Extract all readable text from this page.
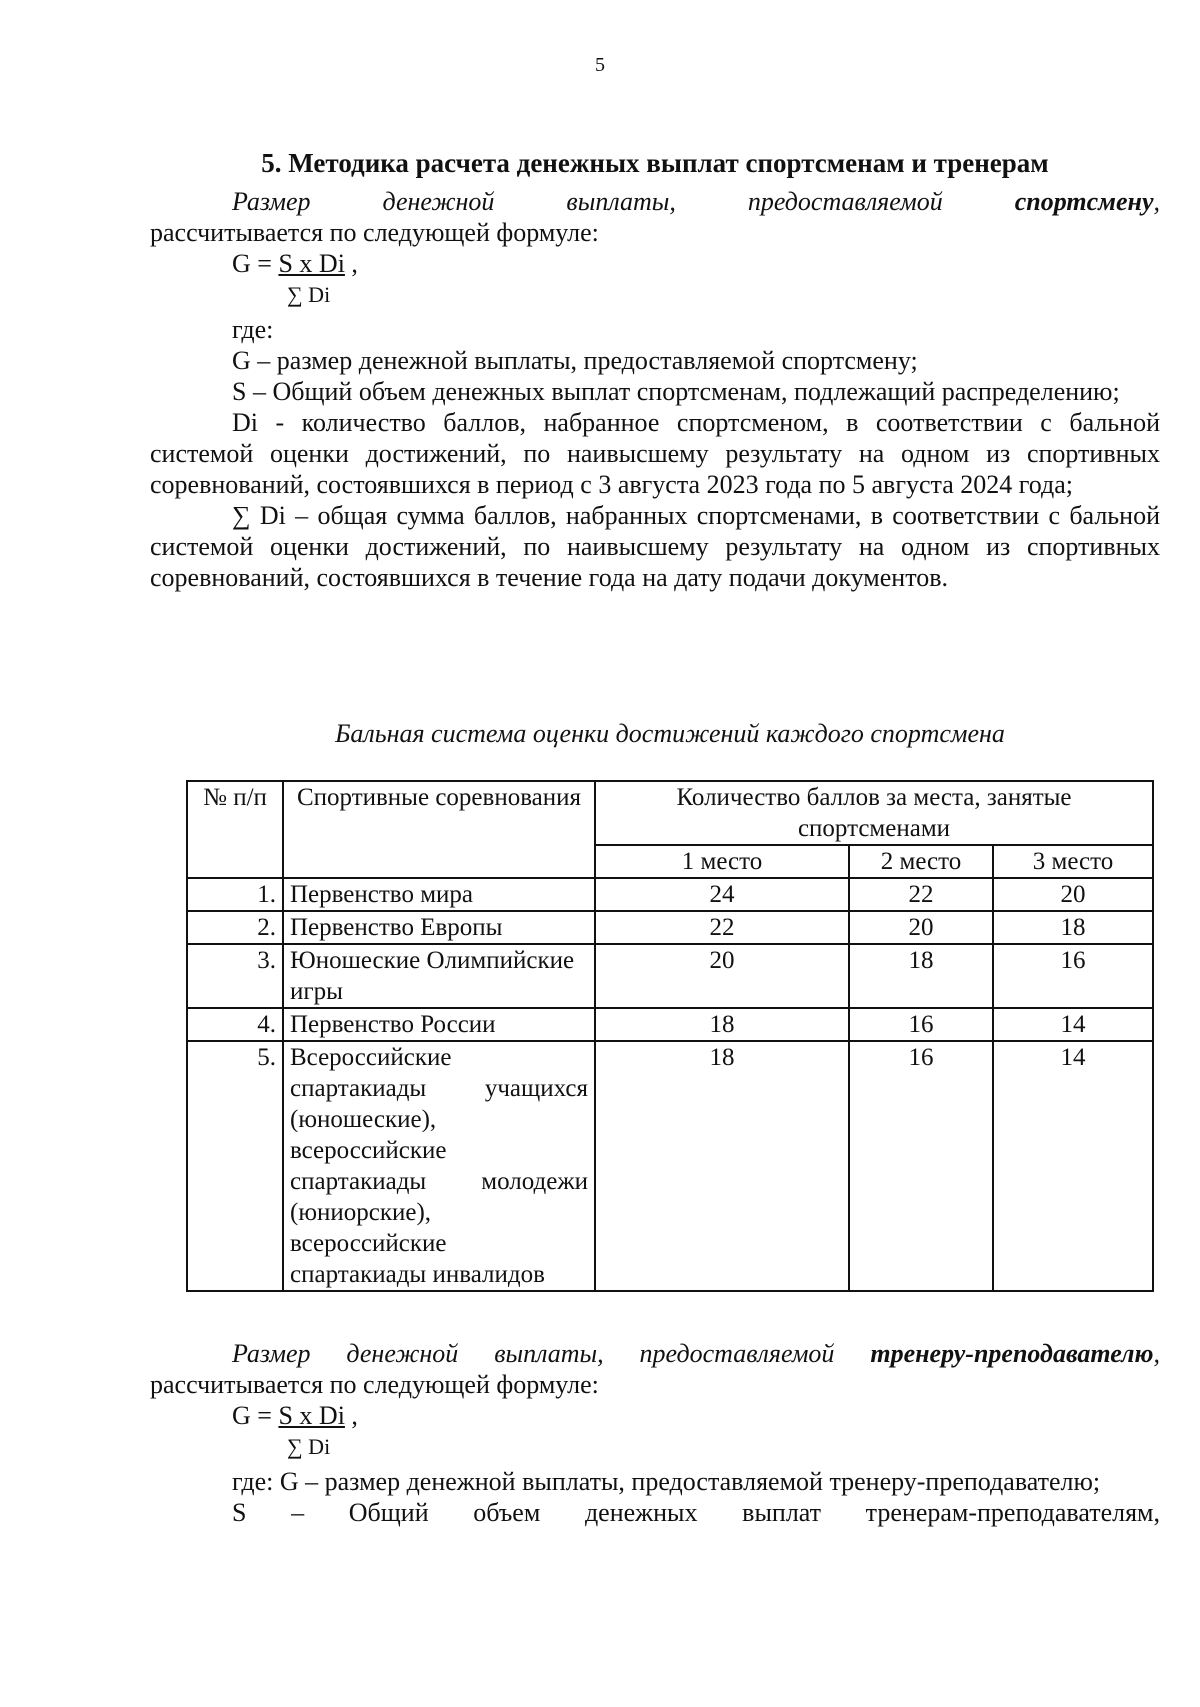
5
5. Методика расчета денежных выплат спортсменам и тренерам
Размер денежной выплаты, предоставляемой спортсмену,
рассчитывается по следующей формуле:
G = S x Di ,
∑ Di
где:
G – размер денежной выплаты, предоставляемой спортсмену;
S – Общий объем денежных выплат спортсменам, подлежащий распределению;
Di - количество баллов, набранное спортсменом, в соответствии с бальной системой оценки достижений, по наивысшему результату на одном из спортивных соревнований, состоявшихся в период с 3 августа 2023 года по 5 августа 2024 года;
∑ Di – общая сумма баллов, набранных спортсменами, в соответствии с бальной системой оценки достижений, по наивысшему результату на одном из спортивных соревнований, состоявшихся в течение года на дату подачи документов.
Бальная система оценки достижений каждого спортсмена
№ п/п	Спортивные соревнования	Количество баллов за места, занятые спортсменами		
		1 место	2 место	3 место
1.	Первенство мира	24	22	20
2.	Первенство Европы	22	20	18
3.	Юношеские Олимпийские игры	20	18	16
4.	Первенство России	18	16	14
5.	Всероссийские спартакиады учащихся (юношеские), всероссийские спартакиады молодежи (юниорские), всероссийские спартакиады инвалидов	18	16	14
Размер денежной выплаты, предоставляемой тренеру-преподавателю,
рассчитывается по следующей формуле:
G = S x Di ,
∑ Di
где: G – размер денежной выплаты, предоставляемой тренеру-преподавателю;
S – Общий объем денежных выплат тренерам-преподавателям,
